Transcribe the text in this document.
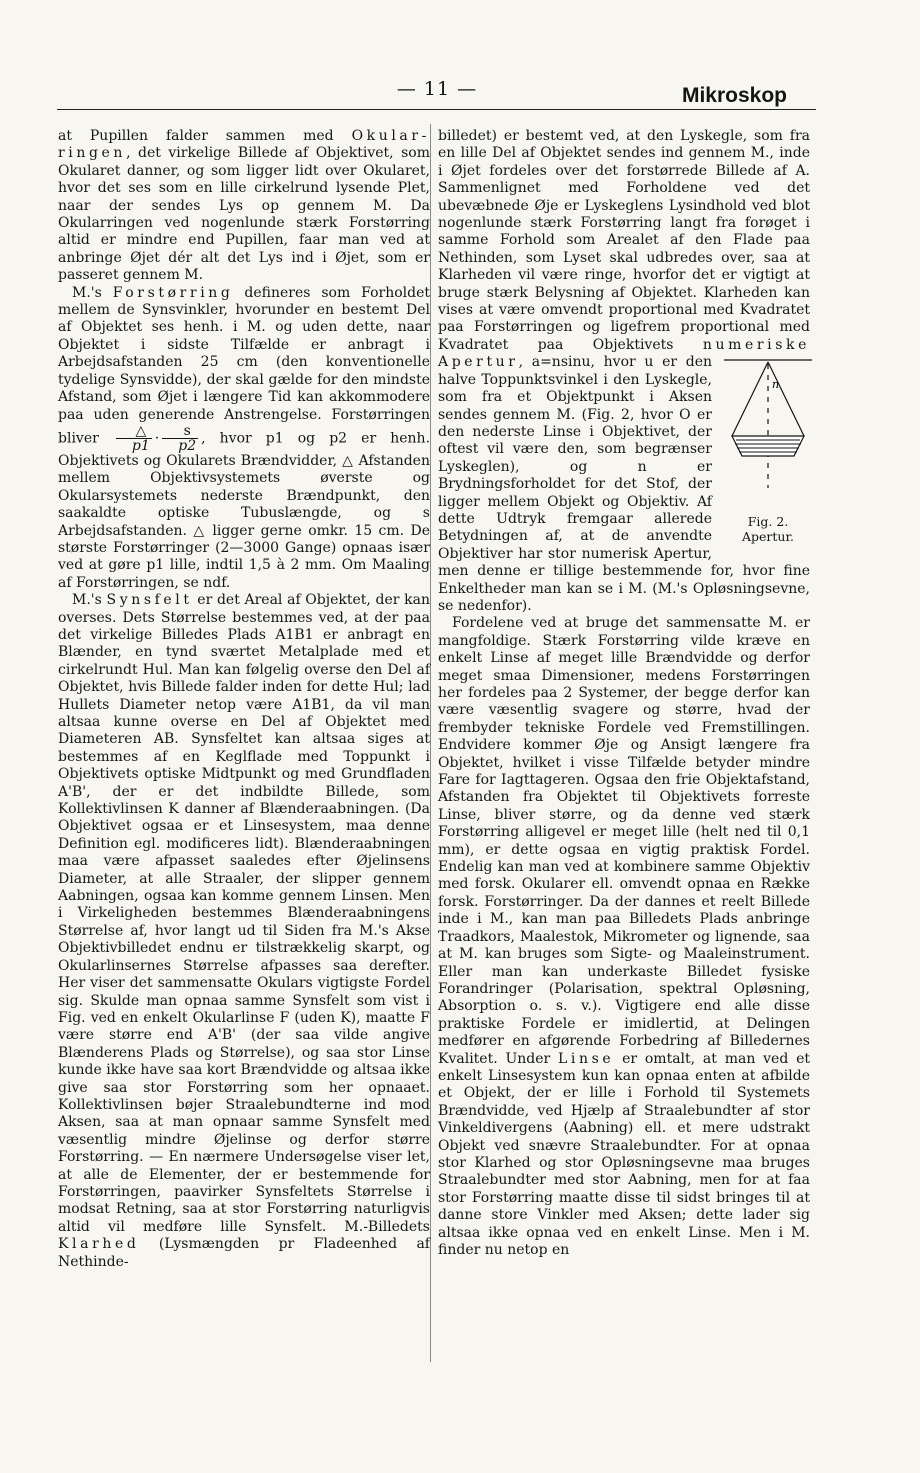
— 11 —	Mikroskop

at Pupillen falder sammen med Okular-ringen, det virkelige Billede af Objektivet, som Okularet danner, og som ligger lidt over Okularet, hvor det ses som en lille cirkelrund lysende Plet, naar der sendes Lys op gennem M. Da Okularringen ved nogenlunde stærk Forstørring altid er mindre end Pupillen, faar man ved at anbringe Øjet dér alt det Lys ind i Øjet, som er passeret gennem M.

M.'s Forstørring defineres som Forholdet mellem de Synsvinkler, hvorunder en bestemt Del af Objektet ses henh. i M. og uden dette, naar Objektet i sidste Tilfælde er anbragt i Arbejdsafstanden 25 cm (den konventionelle tydelige Synsvidde), der skal gælde for den mindste Afstand, som Øjet i længere Tid kan akkommodere paa uden generende Anstrengelse. Forstørringen bliver $\frac{\triangle}{p1} \cdot \frac{s}{p2}$ , hvor p1 og p2 er henh. Objektivets og Okularets Brændvidder, △ Afstanden mellem Objektivsystemets øverste og Okularsystemets nederste Brændpunkt, den saakaldte optiske Tubuslængde, og s Arbejdsafstanden. △ ligger gerne omkr. 15 cm. De største Forstørringer (2—3000 Gange) opnaas især ved at gøre p1 lille, indtil 1,5 à 2 mm. Om Maaling af Forstørringen, se ndf.

M.'s Synsfelt er det Areal af Objektet, der kan overses. Dets Størrelse bestemmes ved, at der paa det virkelige Billedes Plads A1B1 er anbragt en Blænder, en tynd sværtet Metalplade med et cirkelrundt Hul. Man kan følgelig overse den Del af Objektet, hvis Billede falder inden for dette Hul; lad Hullets Diameter netop være A1B1, da vil man altsaa kunne overse en Del af Objektet med Diameteren AB. Synsfeltet kan altsaa siges at bestemmes af en Keglflade med Toppunkt i Objektivets optiske Midtpunkt og med Grundfladen A'B', der er det indbildte Billede, som Kollektivlinsen K danner af Blænderaabningen. (Da Objektivet ogsaa er et Linsesystem, maa denne Definition egl. modificeres lidt). Blænderaabningen maa være afpasset saaledes efter Øjelinsens Diameter, at alle Straaler, der slipper gennem Aabningen, ogsaa kan komme gennem Linsen. Men i Virkeligheden bestemmes Blænderaabningens Størrelse af, hvor langt ud til Siden fra M.'s Akse Objektivbilledet endnu er tilstrækkelig skarpt, og Okularlinsernes Størrelse afpasses saa derefter. Her viser det sammensatte Okulars vigtigste Fordel sig. Skulde man opnaa samme Synsfelt som vist i Fig. ved en enkelt Okularlinse F (uden K), maatte F være større end A'B' (der saa vilde angive Blænderens Plads og Størrelse), og saa stor Linse kunde ikke have saa kort Brændvidde og altsaa ikke give saa stor Forstørring som her opnaaet. Kollektivlinsen bøjer Straalebundterne ind mod Aksen, saa at man opnaar samme Synsfelt med væsentlig mindre Øjelinse og derfor større Forstørring. — En nærmere Undersøgelse viser let, at alle de Elementer, der er bestemmende for Forstørringen, paavirker Synsfeltets Størrelse i modsat Retning, saa at stor Forstørring naturligvis altid vil medføre lille Synsfelt. M.-Billedets Klarhed (Lysmængden pr Fladeenhed af Nethinde-

billedet) er bestemt ved, at den Lyskegle, som fra en lille Del af Objektet sendes ind gennem M., inde i Øjet fordeles over det forstørrede Billede af A. Sammenlignet med Forholdene ved det ubevæbnede Øje er Lyskeglens Lysindhold ved blot nogenlunde stærk Forstørring langt fra forøget i samme Forhold som Arealet af den Flade paa Nethinden, som Lyset skal udbredes over, saa at Klarheden vil være ringe, hvorfor det er vigtigt at bruge stærk Belysning af Objektet. Klarheden kan vises at være omvendt proportional med Kvadratet paa Forstørringen og ligefrem proportional med Kvadratet paa Objektivets numeriske Apertur
n
Fig. 2.
Apertur.
, a=nsinu, hvor u er den halve Toppunktsvinkel i den Lyskegle, som fra et Objektpunkt i Aksen sendes gennem M. (Fig. 2, hvor O er den nederste Linse i Objektivet, der oftest vil være den, som begrænser Lyskeglen), og n er Brydningsforholdet for det Stof, der ligger mellem Objekt og Objektiv. Af dette Udtryk fremgaar allerede Betydningen af, at de anvendte Objektiver har stor numerisk Apertur, men denne er tillige bestemmende for, hvor fine Enkeltheder man kan se i M. (M.'s Opløsningsevne, se nedenfor).

Fordelene ved at bruge det sammensatte M. er mangfoldige. Stærk Forstørring vilde kræve en enkelt Linse af meget lille Brændvidde og derfor meget smaa Dimensioner, medens Forstørringen her fordeles paa 2 Systemer, der begge derfor kan være væsentlig svagere og større, hvad der frembyder tekniske Fordele ved Fremstillingen. Endvidere kommer Øje og Ansigt længere fra Objektet, hvilket i visse Tilfælde betyder mindre Fare for Iagttageren. Ogsaa den frie Objektafstand, Afstanden fra Objektet til Objektivets forreste Linse, bliver større, og da denne ved stærk Forstørring alligevel er meget lille (helt ned til 0,1 mm), er dette ogsaa en vigtig praktisk Fordel. Endelig kan man ved at kombinere samme Objektiv med forsk. Okularer ell. omvendt opnaa en Række forsk. Forstørringer. Da der dannes et reelt Billede inde i M., kan man paa Billedets Plads anbringe Traadkors, Maalestok, Mikrometer og lignende, saa at M. kan bruges som Sigte- og Maaleinstrument. Eller man kan underkaste Billedet fysiske Forandringer (Polarisation, spektral Opløsning, Absorption o. s. v.). Vigtigere end alle disse praktiske Fordele er imidlertid, at Delingen medfører en afgørende Forbedring af Billedernes Kvalitet. Under Linse er omtalt, at man ved et enkelt Linsesystem kun kan opnaa enten at afbilde et Objekt, der er lille i Forhold til Systemets Brændvidde, ved Hjælp af Straalebundter af stor Vinkeldivergens (Aabning) ell. et mere udstrakt Objekt ved snævre Straalebundter. For at opnaa stor Klarhed og stor Opløsningsevne maa bruges Straalebundter med stor Aabning, men for at faa stor Forstørring maatte disse til sidst bringes til at danne store Vinkler med Aksen; dette lader sig altsaa ikke opnaa ved en enkelt Linse. Men i M. finder nu netop en
